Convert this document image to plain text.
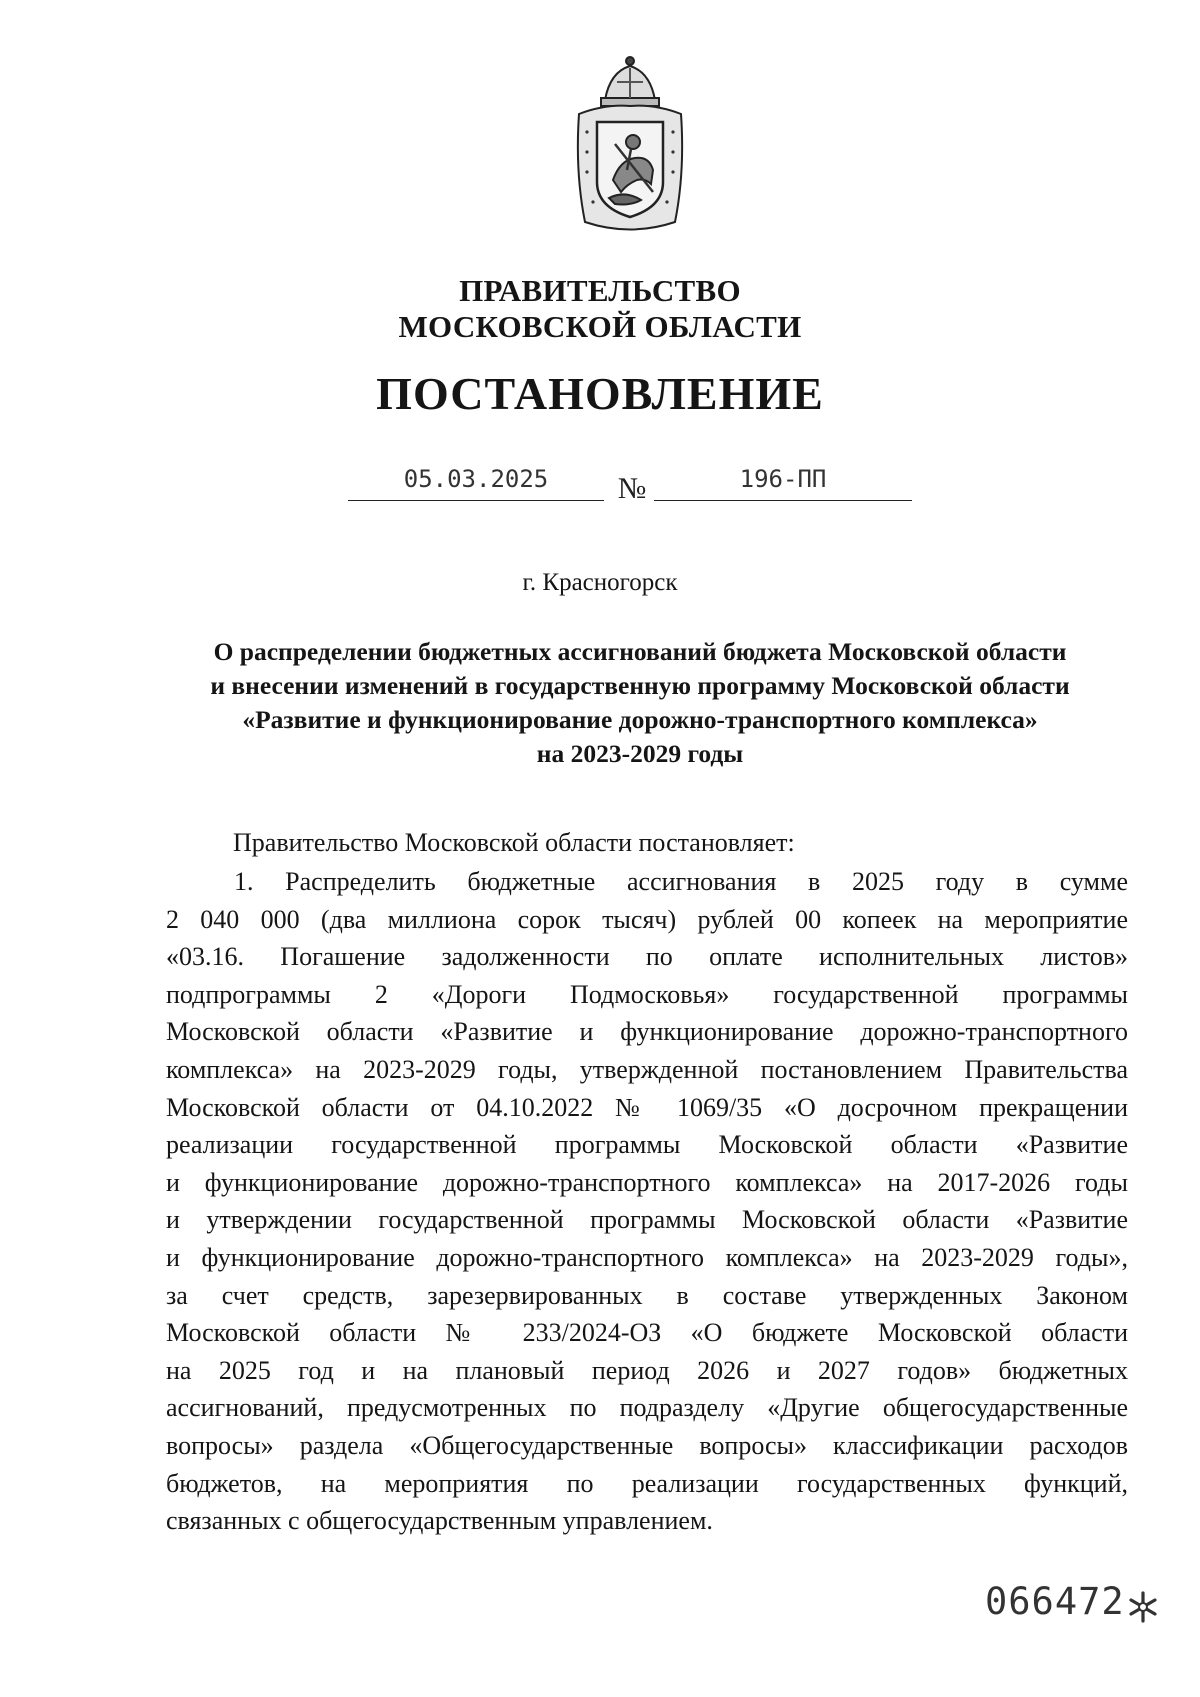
ПРАВИТЕЛЬСТВО
МОСКОВСКОЙ ОБЛАСТИ
ПОСТАНОВЛЕНИЕ
05.03.2025	№	196-ПП
г. Красногорск
О распределении бюджетных ассигнований бюджета Московской области
и внесении изменений в государственную программу Московской области
«Развитие и функционирование дорожно-транспортного комплекса»
на 2023-2029 годы
Правительство Московской области постановляет:
1. Распределить бюджетные ассигнования в 2025 году в сумме
2 040 000 (два миллиона сорок тысяч) рублей 00 копеек на мероприятие
«03.16. Погашение задолженности по оплате исполнительных листов»
подпрограммы 2 «Дороги Подмосковья» государственной программы
Московской области «Развитие и функционирование дорожно-транспортного
комплекса» на 2023-2029 годы, утвержденной постановлением Правительства
Московской области от 04.10.2022 № 1069/35 «О досрочном прекращении
реализации государственной программы Московской области «Развитие
и функционирование дорожно-транспортного комплекса» на 2017-2026 годы
и утверждении государственной программы Московской области «Развитие
и функционирование дорожно-транспортного комплекса» на 2023-2029 годы»,
за счет средств, зарезервированных в составе утвержденных Законом
Московской области № 233/2024-ОЗ «О бюджете Московской области
на 2025 год и на плановый период 2026 и 2027 годов» бюджетных
ассигнований, предусмотренных по подразделу «Другие общегосударственные
вопросы» раздела «Общегосударственные вопросы» классификации расходов
бюджетов, на мероприятия по реализации государственных функций,
связанных с общегосударственным управлением.
066472
